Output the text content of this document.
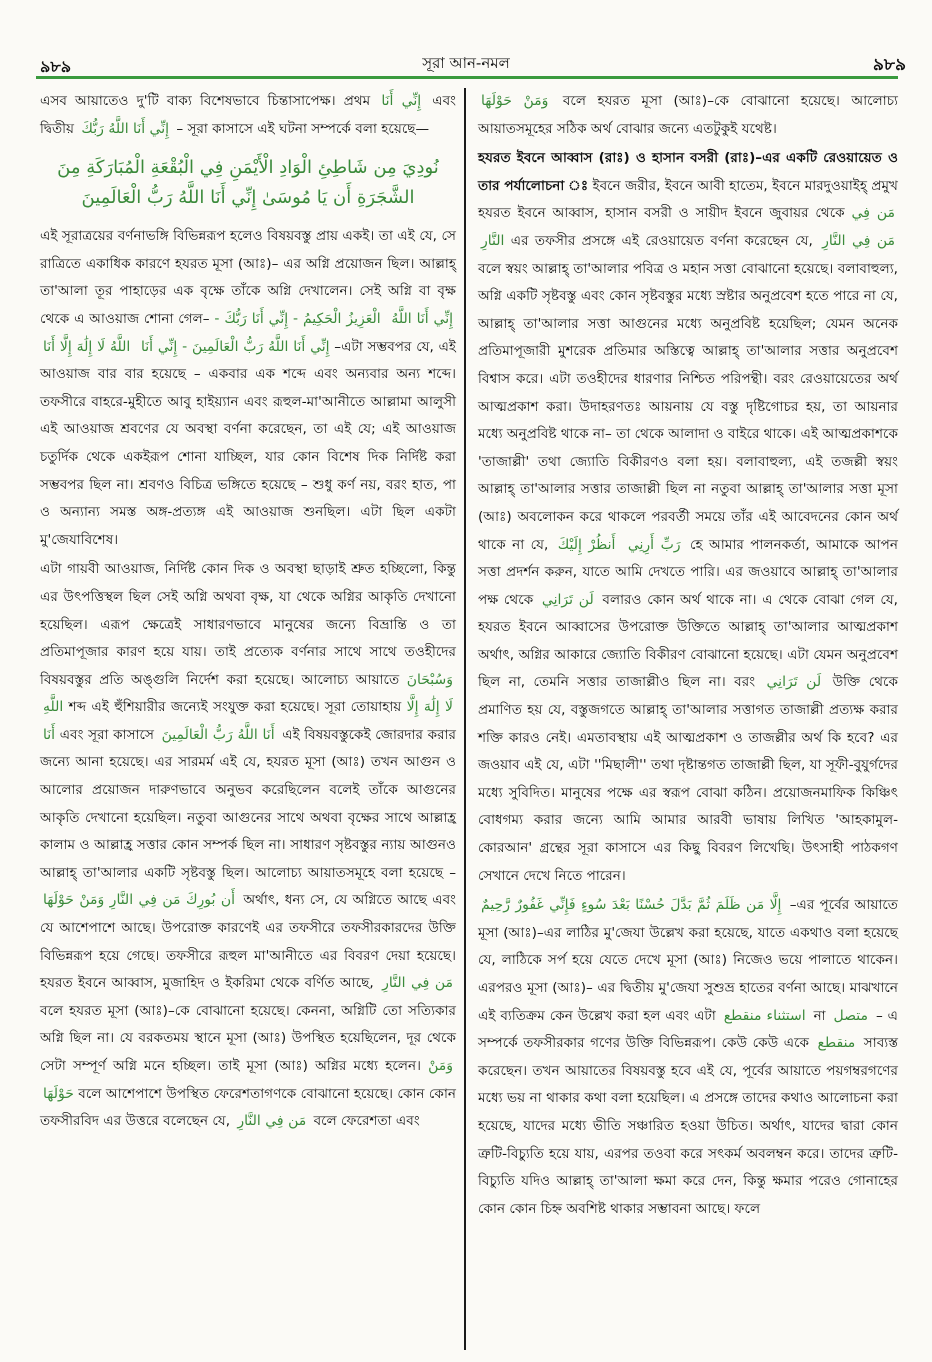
৯৮৯	সূরা আন-নমল	৯৮৯

এসব আয়াতেও দু'টি বাক্য বিশেষভাবে চিন্তাসাপেক্ষ। প্রথম إِنِّي أَنَا এবং দ্বিতীয় إِنِّي أَنَا اللَّهُ رَبُّكَ – সূরা কাসাসে এই ঘটনা সম্পর্কে বলা হয়েছে—

نُودِيَ مِن شَاطِئِ الْوَادِ الْأَيْمَنِ فِي الْبُقْعَةِ الْمُبَارَكَةِ مِنَ
الشَّجَرَةِ أَن يَا مُوسَىٰ إِنِّي أَنَا اللَّهُ رَبُّ الْعَالَمِينَ

এই সূরাত্রয়ের বর্ণনাভঙ্গি বিভিন্নরূপ হলেও বিষয়বস্তু প্রায় একই। তা এই যে, সে রাত্রিতে একাধিক কারণে হযরত মূসা (আঃ)– এর অগ্নি প্রয়োজন ছিল। আল্লাহ্ তা'আলা তূর পাহাড়ের এক বৃক্ষে তাঁকে অগ্নি দেখালেন। সেই অগ্নি বা বৃক্ষ থেকে এ আওয়াজ শোনা গেল–	إِنِّي أَنَا اللَّهُ الْعَزِيزُ الْحَكِيمُ - إِنِّي أَنَا رَبُّكَ - إِنِّي أَنَا اللَّهُ رَبُّ الْعَالَمِينَ - إِنِّي أَنَا اللَّهُ لَا إِلَٰهَ إِلَّا أَنَا	–এটা সম্ভবপর যে, এই আওয়াজ বার বার হয়েছে – একবার এক শব্দে এবং অন্যবার অন্য শব্দে। তফসীরে বাহরে-মুহীতে আবু হাইয়্যান এবং রূহুল-মা'আনীতে আল্লামা আলুসী এই আওয়াজ শ্রবণের যে অবস্থা বর্ণনা করেছেন, তা এই যে; এই আওয়াজ চতুর্দিক থেকে একইরূপ শোনা যাচ্ছিল, যার কোন বিশেষ দিক নির্দিষ্ট করা সম্ভবপর ছিল না। শ্রবণও বিচিত্র ভঙ্গিতে হয়েছে – শুধু কর্ণ নয়, বরং হাত, পা ও অন্যান্য সমস্ত অঙ্গ-প্রত্যঙ্গ এই আওয়াজ শুনছিল। এটা ছিল একটা মু'জেযাবিশেষ।

এটা গায়বী আওয়াজ, নির্দিষ্ট কোন দিক ও অবস্থা ছাড়াই শ্রুত হচ্ছিলো, কিন্তু এর উৎপত্তিস্থল ছিল সেই অগ্নি অথবা বৃক্ষ, যা থেকে অগ্নির আকৃতি দেখানো হয়েছিল। এরূপ ক্ষেত্রেই সাধারণভাবে মানুষের জন্যে বিভ্রান্তি ও তা প্রতিমাপূজার কারণ হয়ে যায়। তাই প্রত্যেক বর্ণনার সাথে সাথে তওহীদের বিষয়বস্তুর প্রতি অঙ্গুলি নির্দেশ করা হয়েছে। আলোচ্য আয়াতে وَسُبْحَانَ اللَّهِ শব্দ এই হুঁশিয়ারীর জন্যেই সংযুক্ত করা হয়েছে। সূরা তোয়াহায় لَا إِلَٰهَ إِلَّا أَنَا এবং সূরা কাসাসে أَنَا اللَّهُ رَبُّ الْعَالَمِينَ এই বিষয়বস্তুকেই জোরদার করার জন্যে আনা হয়েছে। এর সারমর্ম এই যে, হযরত মূসা (আঃ) তখন আগুন ও আলোর প্রয়োজন দারুণভাবে অনুভব করেছিলেন বলেই তাঁকে আগুনের আকৃতি দেখানো হয়েছিল। নতুবা আগুনের সাথে অথবা বৃক্ষের সাথে আল্লাহ্র কালাম ও আল্লাহ্র সত্তার কোন সম্পর্ক ছিল না। সাধারণ সৃষ্টবস্তুর ন্যায় আগুনও আল্লাহ্ তা'আলার একটি সৃষ্টবস্তু ছিল। আলোচ্য আয়াতসমূহে বলা হয়েছে – أَن بُورِكَ مَن فِي النَّارِ وَمَنْ حَوْلَهَا অর্থাৎ, ধন্য সে, যে অগ্নিতে আছে এবং যে আশেপাশে আছে। উপরোক্ত কারণেই এর তফসীরে তফসীরকারদের উক্তি বিভিন্নরূপ হয়ে গেছে। তফসীরে রূহুল মা'আনীতে এর বিবরণ দেয়া হয়েছে। হযরত ইবনে আব্বাস, মুজাহিদ ও ইকরিমা থেকে বর্ণিত আছে, مَن فِي النَّارِ বলে হযরত মূসা (আঃ)–কে বোঝানো হয়েছে। কেননা, অগ্নিটি তো সত্যিকার অগ্নি ছিল না। যে বরকতময় স্থানে মূসা (আঃ) উপস্থিত হয়েছিলেন, দূর থেকে সেটা সম্পূর্ণ অগ্নি মনে হচ্ছিল। তাই মূসা (আঃ) অগ্নির মধ্যে হলেন। وَمَنْ حَوْلَهَا বলে আশেপাশে উপস্থিত ফেরেশতাগণকে বোঝানো হয়েছে। কোন কোন তফসীরবিদ এর উত্তরে বলেছেন যে, مَن فِي النَّارِ বলে ফেরেশতা এবং

وَمَنْ حَوْلَهَا বলে হযরত মূসা (আঃ)–কে বোঝানো হয়েছে। আলোচ্য আয়াতসমূহের সঠিক অর্থ বোঝার জন্যে এতটুকুই যথেষ্ট।

হযরত ইবনে আব্বাস (রাঃ) ও হাসান বসরী (রাঃ)–এর একটি রেওয়ায়েত ও তার পর্যালোচনা ঃ ইবনে জরীর, ইবনে আবী হাতেম, ইবনে মারদুওয়াইহ্ প্রমুখ হযরত ইবনে আব্বাস, হাসান বসরী ও সায়ীদ ইবনে জুবায়র থেকে مَن فِي النَّارِ এর তফসীর প্রসঙ্গে এই রেওয়ায়েত বর্ণনা করেছেন যে, مَن فِي النَّارِ বলে স্বয়ং আল্লাহ্ তা'আলার পবিত্র ও মহান সত্তা বোঝানো হয়েছে। বলাবাহুল্য, অগ্নি একটি সৃষ্টবস্তু এবং কোন সৃষ্টবস্তুর মধ্যে স্রষ্টার অনুপ্রবেশ হতে পারে না যে, আল্লাহ্ তা'আলার সত্তা আগুনের মধ্যে অনুপ্রবিষ্ট হয়েছিল; যেমন অনেক প্রতিমাপূজারী মুশরেক প্রতিমার অস্তিত্বে আল্লাহ্ তা'আলার সত্তার অনুপ্রবেশ বিশ্বাস করে। এটা তওহীদের ধারণার নিশ্চিত পরিপন্থী। বরং রেওয়ায়েতের অর্থ আত্মপ্রকাশ করা। উদাহরণতঃ আয়নায় যে বস্তু দৃষ্টিগোচর হয়, তা আয়নার মধ্যে অনুপ্রবিষ্ট থাকে না– তা থেকে আলাদা ও বাইরে থাকে। এই আত্মপ্রকাশকে 'তাজাল্লী' তথা জ্যোতি বিকীরণও বলা হয়। বলাবাহুল্য, এই তজল্লী স্বয়ং আল্লাহ্ তা'আলার সত্তার তাজাল্লী ছিল না নতুবা আল্লাহ্ তা'আলার সত্তা মূসা (আঃ) অবলোকন করে থাকলে পরবর্তী সময়ে তাঁর এই আবেদনের কোন অর্থ থাকে না যে,	رَبِّ أَرِنِي أَنظُرْ إِلَيْكَ	হে আমার পালনকর্তা, আমাকে আপন সত্তা প্রদর্শন করুন, যাতে আমি দেখতে পারি। এর জওয়াবে আল্লাহ্ তা'আলার পক্ষ থেকে لَن تَرَانِي বলারও কোন অর্থ থাকে না। এ থেকে বোঝা গেল যে, হযরত ইবনে আব্বাসের উপরোক্ত উক্তিতে আল্লাহ্ তা'আলার আত্মপ্রকাশ অর্থাৎ, অগ্নির আকারে জ্যোতি বিকীরণ বোঝানো হয়েছে। এটা যেমন অনুপ্রবেশ ছিল না, তেমনি সত্তার তাজাল্লীও ছিল না। বরং لَن تَرَانِي উক্তি থেকে প্রমাণিত হয় যে, বস্তুজগতে আল্লাহ্ তা'আলার সত্তাগত তাজাল্লী প্রত্যক্ষ করার শক্তি কারও নেই। এমতাবস্থায় এই আত্মপ্রকাশ ও তাজল্লীর অর্থ কি হবে? এর জওয়াব এই যে, এটা ''মিছালী'' তথা দৃষ্টান্তগত তাজাল্লী ছিল, যা সূফী-বুযুর্গদের মধ্যে সুবিদিত। মানুষের পক্ষে এর স্বরূপ বোঝা কঠিন। প্রয়োজনমাফিক কিঞ্চিৎ বোধগম্য করার জন্যে আমি আমার আরবী ভাষায় লিখিত 'আহকামুল-কোরআন' গ্রন্থের সূরা কাসাসে এর কিছু বিবরণ লিখেছি। উৎসাহী পাঠকগণ সেখানে দেখে নিতে পারেন।

إِلَّا مَن ظَلَمَ ثُمَّ بَدَّلَ حُسْنًا بَعْدَ سُوءٍ فَإِنِّي غَفُورٌ رَّحِيمٌ –এর পূর্বের আয়াতে মূসা (আঃ)–এর লাঠির মু'জেযা উল্লেখ করা হয়েছে, যাতে একথাও বলা হয়েছে যে, লাঠিকে সর্প হয়ে যেতে দেখে মূসা (আঃ) নিজেও ভয়ে পালাতে থাকেন। এরপরও মূসা (আঃ)– এর দ্বিতীয় মু'জেযা সুশুভ্র হাতের বর্ণনা আছে। মাঝখানে এই ব্যতিক্রম কেন উল্লেখ করা হল এবং এটা استثناء منقطع না متصل – এ সম্পর্কে তফসীরকার গণের উক্তি বিভিন্নরূপ। কেউ কেউ একে منقطع সাব্যস্ত করেছেন। তখন আয়াতের বিষয়বস্তু হবে এই যে, পূর্বের আয়াতে পয়গম্বরগণের মধ্যে ভয় না থাকার কথা বলা হয়েছিল। এ প্রসঙ্গে তাদের কথাও আলোচনা করা হয়েছে, যাদের মধ্যে ভীতি সঞ্চারিত হওয়া উচিত। অর্থাৎ, যাদের দ্বারা কোন ত্রুটি-বিচ্যুতি হয়ে যায়, এরপর তওবা করে সৎকর্ম অবলম্বন করে। তাদের ত্রুটি-বিচ্যুতি যদিও আল্লাহ্ তা'আলা ক্ষমা করে দেন, কিন্তু ক্ষমার পরেও গোনাহের কোন কোন চিহ্ন অবশিষ্ট থাকার সম্ভাবনা আছে। ফলে
